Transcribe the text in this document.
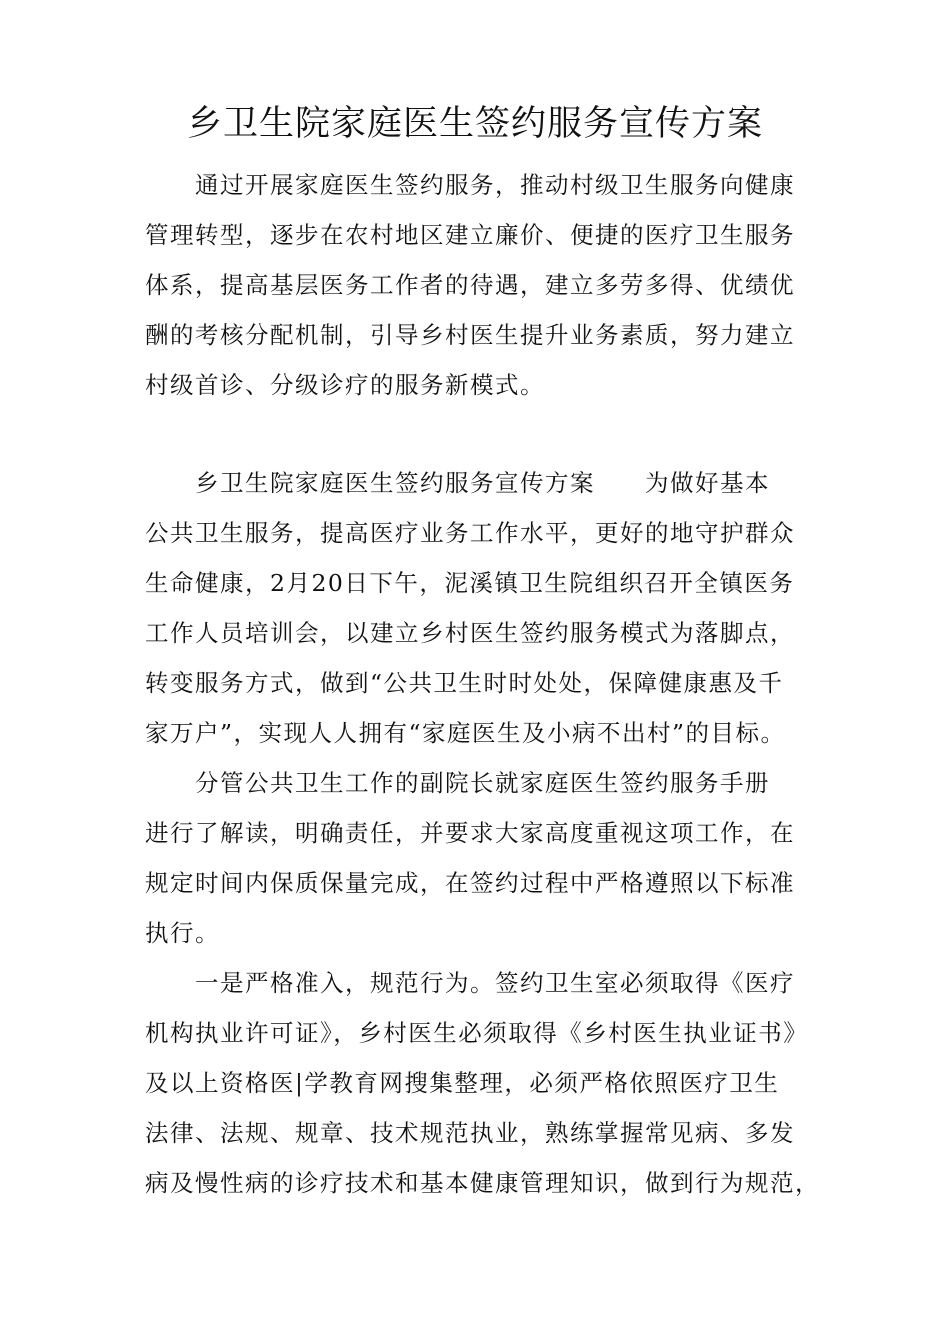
乡卫生院家庭医生签约服务宣传方案
通过开展家庭医生签约服务，推动村级卫生服务向健康
管理转型，逐步在农村地区建立廉价、便捷的医疗卫生服务
体系，提高基层医务工作者的待遇，建立多劳多得、优绩优
酬的考核分配机制，引导乡村医生提升业务素质，努力建立
村级首诊、分级诊疗的服务新模式。
乡卫生院家庭医生签约服务宣传方案　　为做好基本
公共卫生服务，提高医疗业务工作水平，更好的地守护群众
生命健康，2月20日下午，泥溪镇卫生院组织召开全镇医务
工作人员培训会，以建立乡村医生签约服务模式为落脚点，
转变服务方式，做到“公共卫生时时处处，保障健康惠及千
家万户”，实现人人拥有“家庭医生及小病不出村”的目标。
分管公共卫生工作的副院长就家庭医生签约服务手册
进行了解读，明确责任，并要求大家高度重视这项工作，在
规定时间内保质保量完成，在签约过程中严格遵照以下标准
执行。
一是严格准入，规范行为。签约卫生室必须取得《医疗
机构执业许可证》，乡村医生必须取得《乡村医生执业证书》
及以上资格医|学教育网搜集整理，必须严格依照医疗卫生
法律、法规、规章、技术规范执业，熟练掌握常见病、多发
病及慢性病的诊疗技术和基本健康管理知识，做到行为规范，
